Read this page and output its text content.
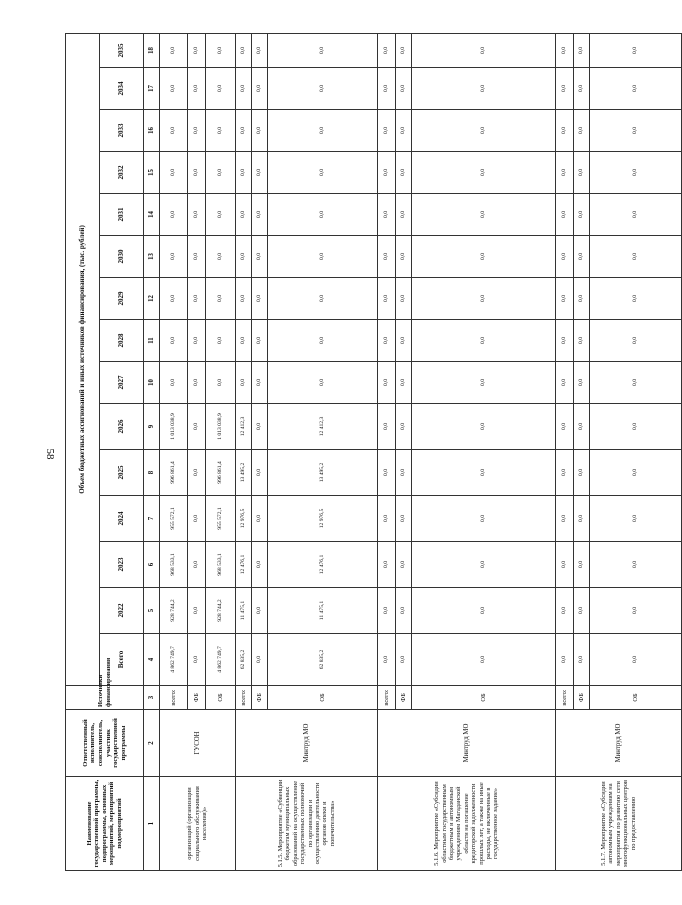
58
Наименование государственной программы, подпрограммы, основных мероприятий, мероприятий подмероприятий	Ответственный исполнитель, соисполнитель, участник государственной программы	Источники финансирования	Объем бюджетных ассигнований и иных источников финансирования, (тыс. рублей)														
			Всего	2022	2023	2024	2025	2026	2027	2028	2029	2030	2031	2032	2033	2034	2035
1	2	3	4	5	6	7	8	9	10	11	12	13	14	15	16	17	18
организаций (организации социального обслуживания населения)»	ГУСОН	всего:	4 862 749,7	928 744,2	968 533,1	955 572,1	996 861,4	1 013 038,9	0,0	0,0	0,0	0,0	0,0	0,0	0,0	0,0	0,0
		ФБ	0,0	0,0	0,0	0,0	0,0	0,0	0,0	0,0	0,0	0,0	0,0	0,0	0,0	0,0	0,0
		ОБ	4 862 749,7	928 744,2	968 533,1	955 572,1	996 861,4	1 013 038,9	0,0	0,0	0,0	0,0	0,0	0,0	0,0	0,0	0,0
5.1.5. Мероприятие «Субвенции бюджетам муниципальных образований на осуществление государственных полномочий по организации и осуществлению деятельности органов опеки и попечительства»	Минтруд МО	всего:	62 835,2	11 475,1	12 476,1	12 976,5	13 495,2	12 412,3	0,0	0,0	0,0	0,0	0,0	0,0	0,0	0,0	0,0
		ФБ	0,0	0,0	0,0	0,0	0,0	0,0	0,0	0,0	0,0	0,0	0,0	0,0	0,0	0,0	0,0
		ОБ	62 835,2	11 475,1	12 476,1	12 976,5	13 495,2	12 412,3	0,0	0,0	0,0	0,0	0,0	0,0	0,0	0,0	0,0
5.1.6. Мероприятие «Субсидии областным государственным бюджетным и автономным учреждениям Магаданской области на погашение кредиторской задолженности прошлых лет, а также на иные расходы, не включенные в государственное задание»	Минтруд МО	всего:	0,0	0,0	0,0	0,0	0,0	0,0	0,0	0,0	0,0	0,0	0,0	0,0	0,0	0,0	0,0
		ФБ	0,0	0,0	0,0	0,0	0,0	0,0	0,0	0,0	0,0	0,0	0,0	0,0	0,0	0,0	0,0
		ОБ	0,0	0,0	0,0	0,0	0,0	0,0	0,0	0,0	0,0	0,0	0,0	0,0	0,0	0,0	0,0
5.1.7. Мероприятие «Субсидии автономным учреждениям на мероприятия по развитию сети многофункциональных центров по предоставлению	Минтруд МО	всего:	0,0	0,0	0,0	0,0	0,0	0,0	0,0	0,0	0,0	0,0	0,0	0,0	0,0	0,0	0,0
		ФБ	0,0	0,0	0,0	0,0	0,0	0,0	0,0	0,0	0,0	0,0	0,0	0,0	0,0	0,0	0,0
		ОБ	0,0	0,0	0,0	0,0	0,0	0,0	0,0	0,0	0,0	0,0	0,0	0,0	0,0	0,0	0,0
